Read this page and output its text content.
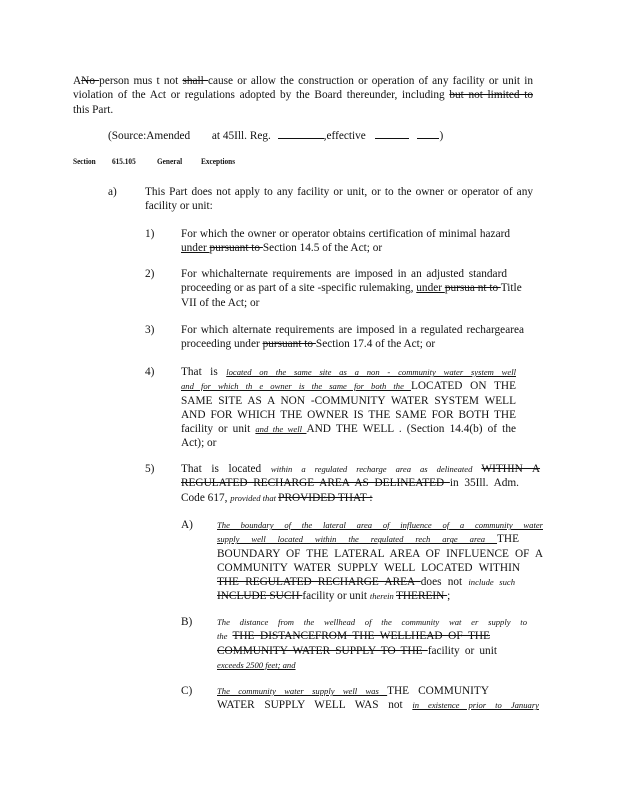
ANo person mus t not shall cause or allow the construction or operation of any facility or unit in
violation of the Act or regulations adopted by the Board thereunder, including but not limited to
this Part.
(Source:Amended at 45Ill. Reg.	,effective	)
Section 615.105 General Exceptions
a) This Part does not apply to any facility or unit, or to the owner or operator of any
facility or unit:
1) For which the owner or operator obtains certification of minimal hazard
under pursuant to Section 14.5 of the Act; or
2) For whichalternate requirements are imposed in an adjusted standard
proceeding or as part of a site -specific rulemaking, under pursua nt to Title
VII of the Act; or
3) For which alternate requirements are imposed in a regulated rechargearea
proceeding under pursuant to Section 17.4 of the Act; or
4) That is located on the same site as a non - community water system well
and for which th e owner is the same for both the LOCATED ON THE
SAME SITE AS A NON -COMMUNITY WATER SYSTEM WELL
AND FOR WHICH THE OWNER IS THE SAME FOR BOTH THE
facility or unit and the well AND THE WELL . (Section 14.4(b) of the
Act); or
5) That is located within a regulated recharge area as delineated WITHIN A
REGULATED RECHARGE AREA AS DELINEATED in 35Ill. Adm.
Code 617, provided that PROVIDED THAT :
A)	The boundary of the lateral area of influence of a community water
supply well located within the regulated rech arge area THE
BOUNDARY OF THE LATERAL AREA OF INFLUENCE OF A
COMMUNITY WATER SUPPLY WELL LOCATED WITHIN
THE REGULATED RECHARGE AREA does not include such
INCLUDE SUCH facility or unit therein THEREIN ;
B)	The distance from the wellhead of the community wat er supply to
the THE DISTANCEFROM THE WELLHEAD OF THE
COMMUNITY WATER SUPPLY TO THE facility or unit
exceeds 2500 feet; and
C)	The community water supply well was THE COMMUNITY
WATER SUPPLY WELL WAS not in existence prior to January
